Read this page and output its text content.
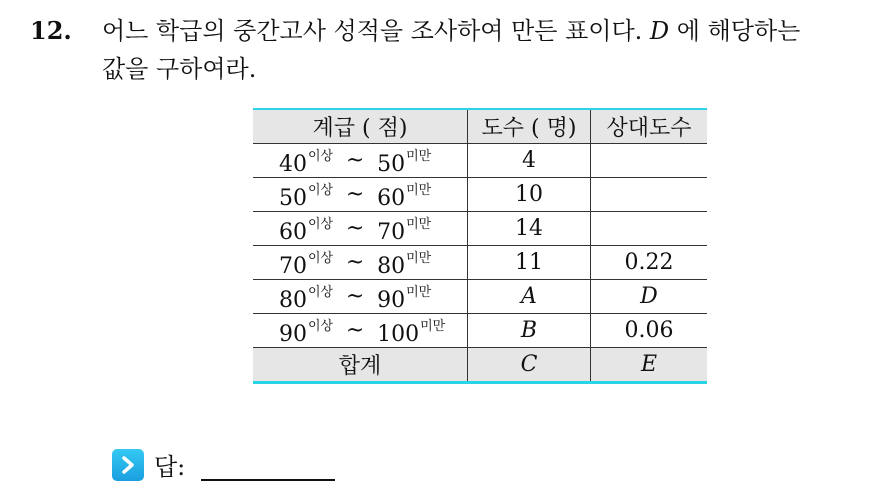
12. 어느 학급의 중간고사 성적을 조사하여 만든 표이다. D 에 해당하는
값을 구하여라.
계급 ( 점)	도수 ( 명)	상대도수

$40^{이상}$ ~ $50^{미만}$	4	

$50^{이상}$ ~ $60^{미만}$	10	

$60^{이상}$ ~ $70^{미만}$	14	

$70^{이상}$ ~ $80^{미만}$	11	0.22

$80^{이상}$ ~ $90^{미만}$	A	D

$90^{이상}$ ~ $100^{미만}$	B	0.06
합계	C	E
답:
